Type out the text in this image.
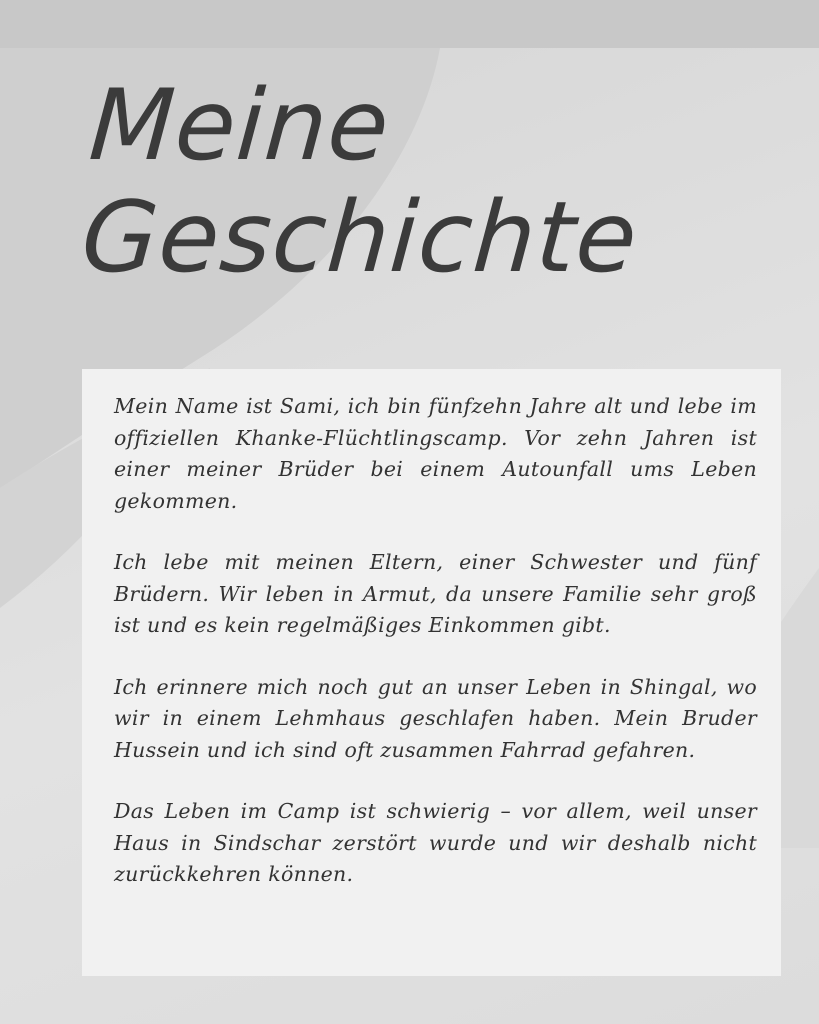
Meine
Geschichte

Mein Name ist Sami, ich bin fünfzehn Jahre alt und lebe im offiziellen Khanke-Flüchtlingscamp. Vor zehn Jahren ist einer meiner Brüder bei einem Autounfall ums Leben gekommen.

Ich lebe mit meinen Eltern, einer Schwester und fünf Brüdern. Wir leben in Armut, da unsere Familie sehr groß ist und es kein regelmäßiges Einkommen gibt.

Ich erinnere mich noch gut an unser Leben in Shingal, wo wir in einem Lehmhaus geschlafen haben. Mein Bruder Hussein und ich sind oft zusammen Fahrrad gefahren.

Das Leben im Camp ist schwierig – vor allem, weil unser Haus in Sindschar zerstört wurde und wir deshalb nicht zurückkehren können.
